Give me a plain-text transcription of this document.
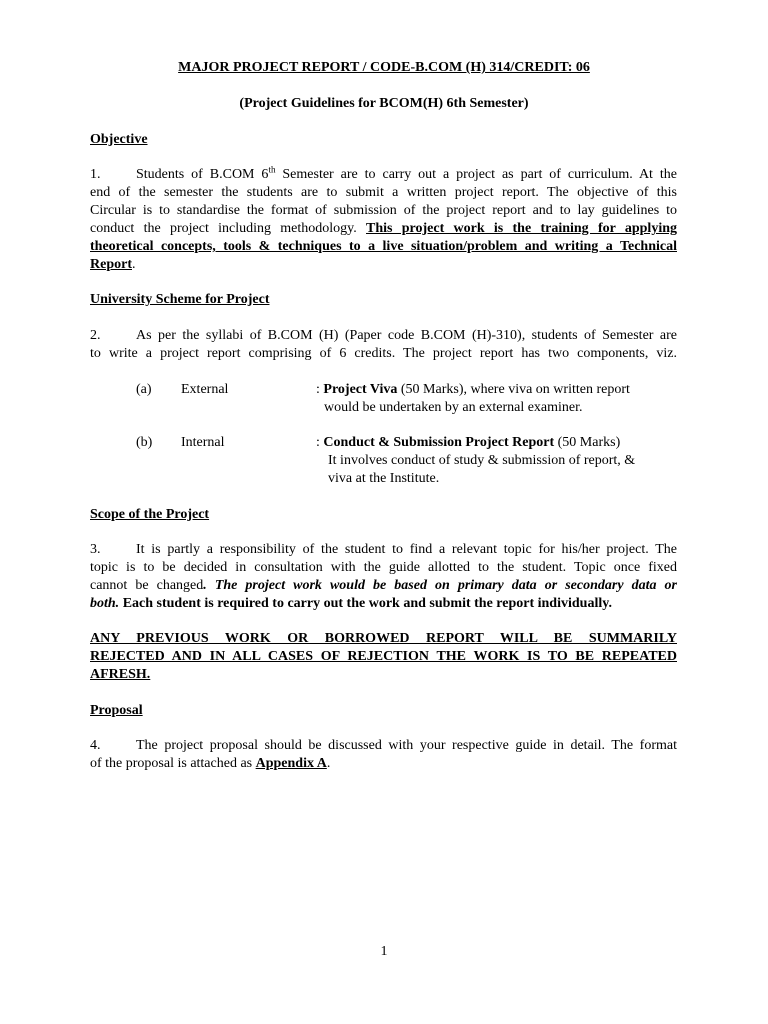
MAJOR PROJECT REPORT / CODE-B.COM (H) 314/CREDIT: 06
(Project Guidelines for BCOM(H) 6th Semester)
Objective
1.	Students of B.COM 6th Semester are to carry out a project as part of curriculum. At the
end of the semester the students are to submit a written project report. The objective of this
Circular is to standardise the format of submission of the project report and to lay guidelines to
conduct the project including methodology. This project work is the training for applying
theoretical concepts, tools & techniques to a live situation/problem and writing a Technical
Report.
University Scheme for Project
2.	As per the syllabi of B.COM (H) (Paper code B.COM (H)-310), students of Semester are
to write a project report comprising of 6 credits. The project report has two components, viz.
(a) External	: Project Viva (50 Marks), where viva on written report
would be undertaken by an external examiner.
(b) Internal	: Conduct & Submission Project Report (50 Marks)
It involves conduct of study & submission of report, &
viva at the Institute.
Scope of the Project
3.	It is partly a responsibility of the student to find a relevant topic for his/her project. The
topic is to be decided in consultation with the guide allotted to the student. Topic once fixed
cannot be changed. The project work would be based on primary data or secondary data or
both. Each student is required to carry out the work and submit the report individually.
ANY PREVIOUS WORK OR BORROWED REPORT WILL BE SUMMARILY
REJECTED AND IN ALL CASES OF REJECTION THE WORK IS TO BE REPEATED
AFRESH.
Proposal
4.	The project proposal should be discussed with your respective guide in detail. The format
of the proposal is attached as Appendix A.
1
